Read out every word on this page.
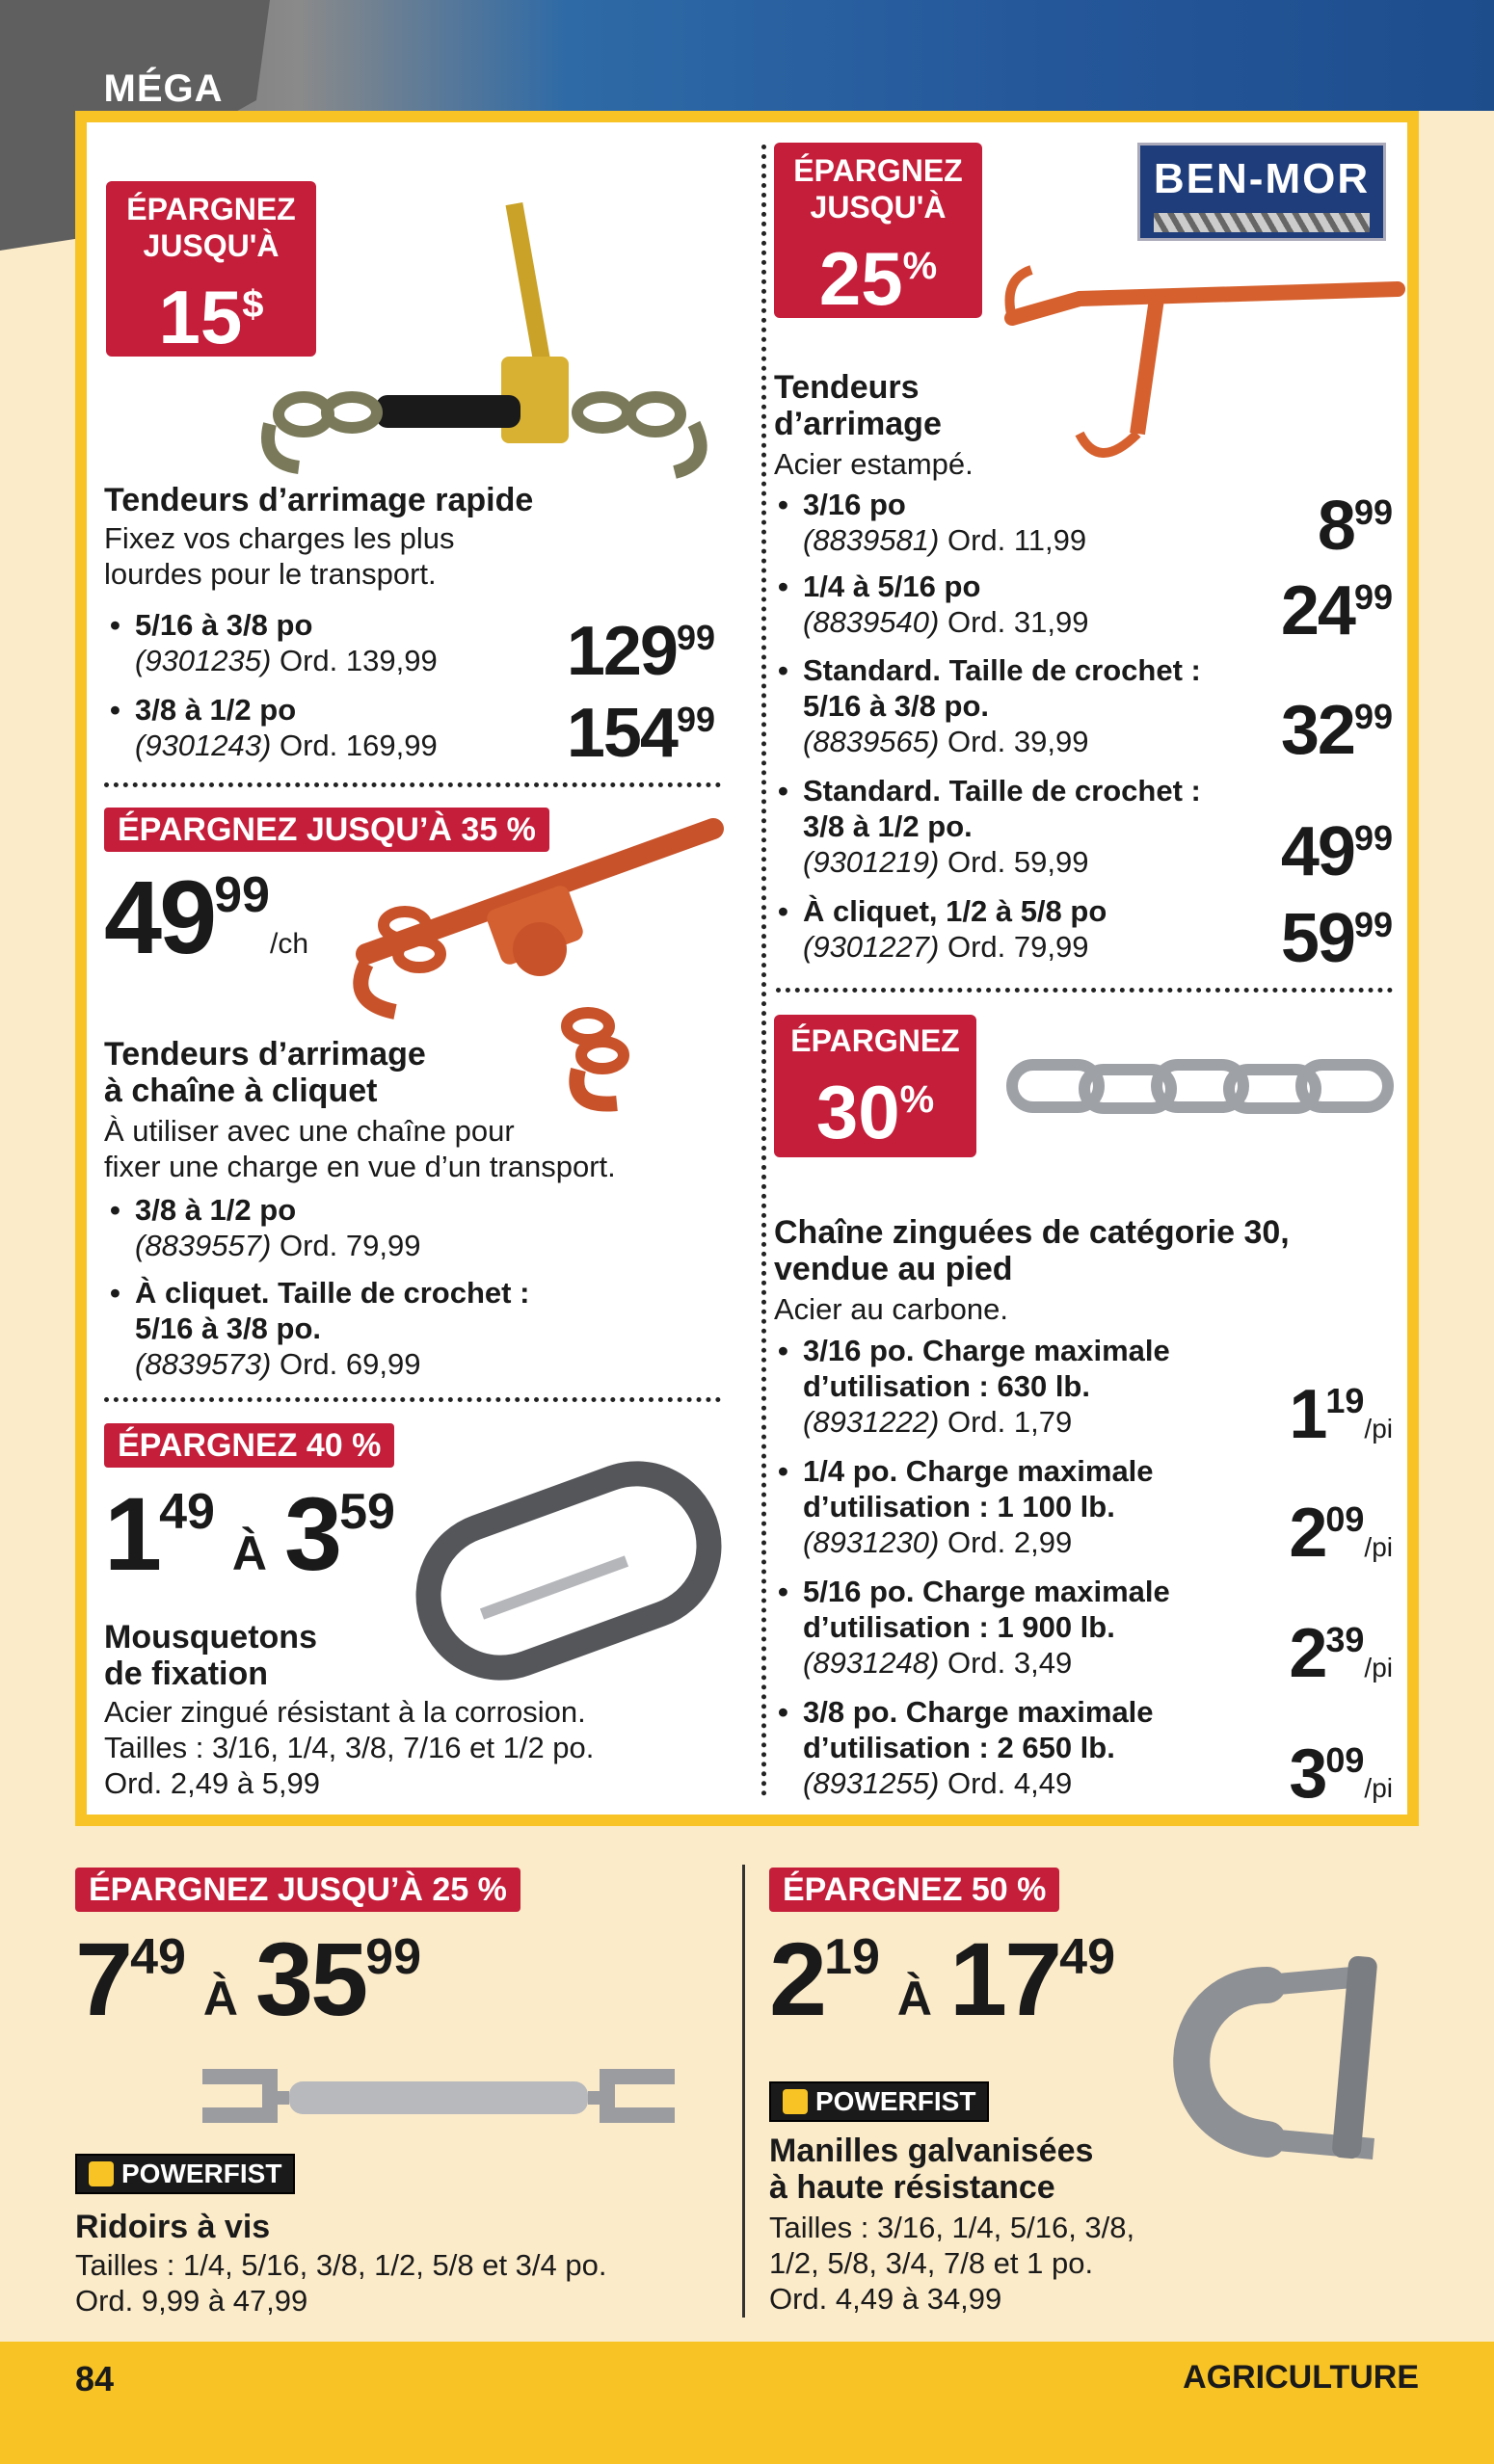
MÉGA
ÉPARGNEZ
JUSQU'À
15$
Tendeurs d’arrimage rapide
Fixez vos charges les plus
lourdes pour le transport.
• 5/16 à 3/8 po
(9301235) Ord. 139,99 $129^{99}$
• 3/8 à 1/2 po
(9301243) Ord. 169,99 $154^{99}$
ÉPARGNEZ JUSQU’À 35 %
$49^{99}/ch$
Tendeurs d’arrimage
à chaîne à cliquet
À utiliser avec une chaîne pour
fixer une charge en vue d’un transport.
• 3/8 à 1/2 po
(8839557) Ord. 79,99
• À cliquet. Taille de crochet :
5/16 à 3/8 po.
(8839573) Ord. 69,99
ÉPARGNEZ 40 %
$1^{49}À$ $3^{59}$
Mousquetons
de fixation
Acier zingué résistant à la corrosion.
Tailles : 3/16, 1/4, 3/8, 7/16 et 1/2 po.
Ord. 2,49 à 5,99
ÉPARGNEZ
JUSQU'À
25%
BEN-MOR
Tendeurs
d’arrimage
Acier estampé.
• 3/16 po
(8839581) Ord. 11,99	$8^{99}$
• 1/4 à 5/16 po
(8839540) Ord. 31,99	$24^{99}$
• Standard. Taille de crochet :
5/16 à 3/8 po.
(8839565) Ord. 39,99	$32^{99}$
• Standard. Taille de crochet :
3/8 à 1/2 po.
(9301219) Ord. 59,99	$49^{99}$
• À cliquet, 1/2 à 5/8 po
(9301227) Ord. 79,99	$59^{99}$
ÉPARGNEZ
30%
Chaîne zinguées de catégorie 30,
vendue au pied
Acier au carbone.
• 3/16 po. Charge maximale
d’utilisation : 630 lb.
(8931222) Ord. 1,79	$1^{19}/pi$
• 1/4 po. Charge maximale
d’utilisation : 1 100 lb.
(8931230) Ord. 2,99	$2^{09}/pi$
• 5/16 po. Charge maximale
d’utilisation : 1 900 lb.
(8931248) Ord. 3,49	$2^{39}/pi$
• 3/8 po. Charge maximale
d’utilisation : 2 650 lb.
(8931255) Ord. 4,49	$3^{09}/pi$
ÉPARGNEZ JUSQU’À 25 %
$7^{49}À$ $35^{99}$
POWERFIST
Ridoirs à vis
Tailles : 1/4, 5/16, 3/8, 1/2, 5/8 et 3/4 po.
Ord. 9,99 à 47,99
ÉPARGNEZ 50 %
$2^{19}À$ $17^{49}$
POWERFIST
Manilles galvanisées
à haute résistance
Tailles : 3/16, 1/4, 5/16, 3/8,
1/2, 5/8, 3/4, 7/8 et 1 po.
Ord. 4,49 à 34,99
84	AGRICULTURE
